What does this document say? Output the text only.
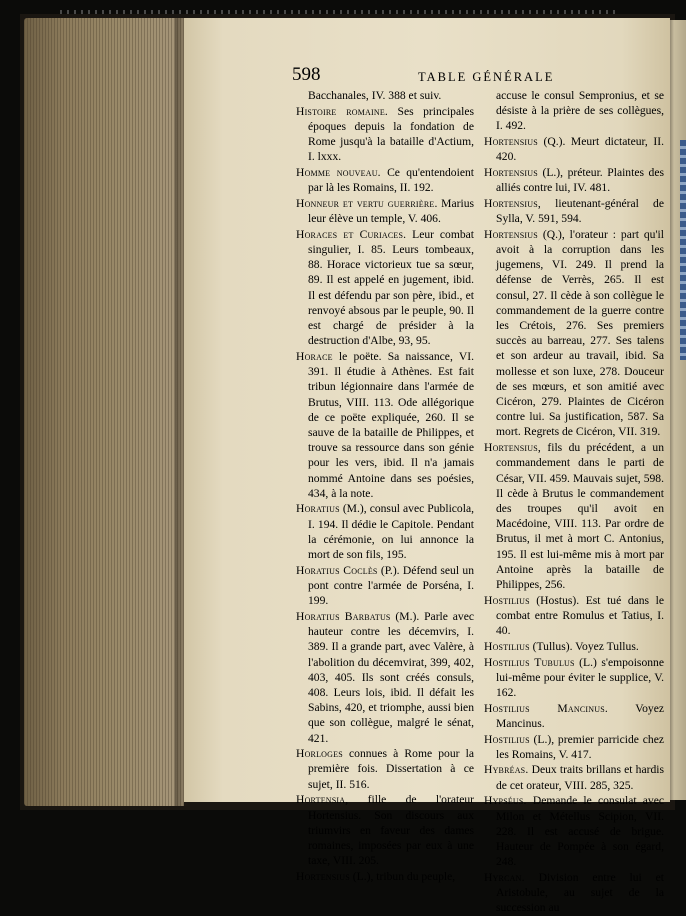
598	TABLE GÉNÉRALE
Bacchanales, IV. 388 et suiv.
Histoire romaine. Ses principales époques depuis la fondation de Rome jusqu'à la bataille d'Actium, I. lxxx.
Homme nouveau. Ce qu'entendoient par là les Romains, II. 192.
Honneur et vertu guerrière. Marius leur élève un temple, V. 406.
Horaces et Curiaces. Leur combat singulier, I. 85. Leurs tombeaux, 88. Horace victorieux tue sa sœur, 89. Il est appelé en jugement, ibid. Il est défendu par son père, ibid., et renvoyé absous par le peuple, 90. Il est chargé de présider à la destruction d'Albe, 93, 95.
Horace le poëte. Sa naissance, VI. 391. Il étudie à Athènes. Est fait tribun légionnaire dans l'armée de Brutus, VIII. 113. Ode allégorique de ce poëte expliquée, 260. Il se sauve de la bataille de Philippes, et trouve sa ressource dans son génie pour les vers, ibid. Il n'a jamais nommé Antoine dans ses poésies, 434, à la note.
Horatius (M.), consul avec Publicola, I. 194. Il dédie le Capitole. Pendant la cérémonie, on lui annonce la mort de son fils, 195.
Horatius Coclès (P.). Défend seul un pont contre l'armée de Porséna, I. 199.
Horatius Barbatus (M.). Parle avec hauteur contre les décemvirs, I. 389. Il a grande part, avec Valère, à l'abolition du décemvirat, 399, 402, 403, 405. Ils sont créés consuls, 408. Leurs lois, ibid. Il défait les Sabins, 420, et triomphe, aussi bien que son collègue, malgré le sénat, 421.
Horloges connues à Rome pour la première fois. Dissertation à ce sujet, II. 516.
Hortensia, fille de l'orateur Hortensius. Son discours aux triumvirs en faveur des dames romaines, imposées par eux à une taxe, VIII. 205.
Hortensius (L.), tribun du peuple,
accuse le consul Sempronius, et se désiste à la prière de ses collègues, I. 492.
Hortensius (Q.). Meurt dictateur, II. 420.
Hortensius (L.), préteur. Plaintes des alliés contre lui, IV. 481.
Hortensius, lieutenant-général de Sylla, V. 591, 594.
Hortensius (Q.), l'orateur : part qu'il avoit à la corruption dans les jugemens, VI. 249. Il prend la défense de Verrès, 265. Il est consul, 27. Il cède à son collègue le commandement de la guerre contre les Crétois, 276. Ses premiers succès au barreau, 277. Ses talens et son ardeur au travail, ibid. Sa mollesse et son luxe, 278. Douceur de ses mœurs, et son amitié avec Cicéron, 279. Plaintes de Cicéron contre lui. Sa justification, 587. Sa mort. Regrets de Cicéron, VII. 319.
Hortensius, fils du précédent, a un commandement dans le parti de César, VII. 459. Mauvais sujet, 598. Il cède à Brutus le commandement des troupes qu'il avoit en Macédoine, VIII. 113. Par ordre de Brutus, il met à mort C. Antonius, 195. Il est lui-même mis à mort par Antoine après la bataille de Philippes, 256.
Hostilius (Hostus). Est tué dans le combat entre Romulus et Tatius, I. 40.
Hostilius (Tullus). Voyez Tullus.
Hostilius Tubulus (L.) s'empoisonne lui-même pour éviter le supplice, V. 162.
Hostilius Mancinus. Voyez Mancinus.
Hostilius (L.), premier parricide chez les Romains, V. 417.
Hybréas. Deux traits brillans et hardis de cet orateur, VIII. 285, 325.
Hypséus. Demande le consulat avec Milon et Métellus Scipion, VII. 228. Il est accusé de brigue. Hauteur de Pompée à son égard, 248.
Hyrcan. Division entre lui et Aristobule, au sujet de la succession au
